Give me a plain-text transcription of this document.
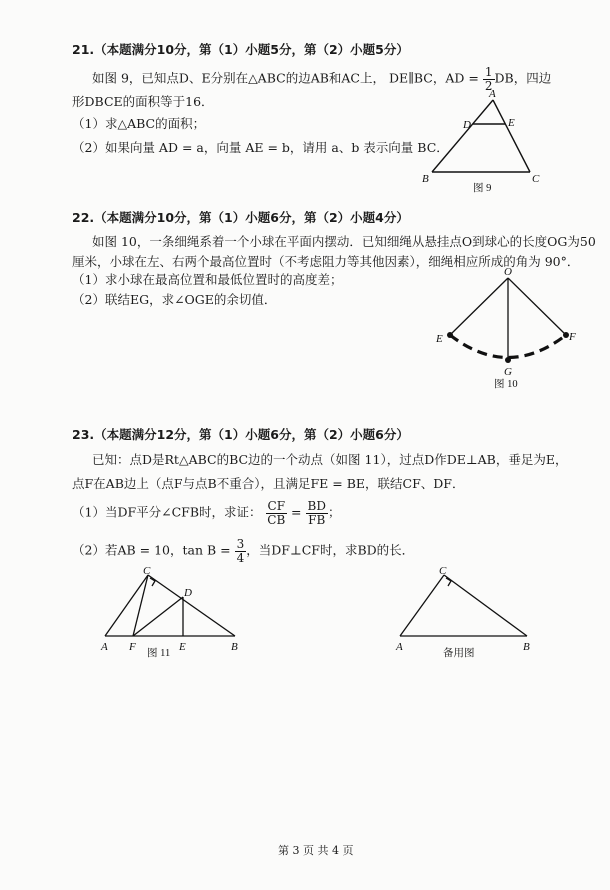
21.（本题满分10分，第（1）小题5分，第（2）小题5分）
如图 9，已知点D、E分别在△ABC的边AB和AC上， DE∥BC，AD = $\frac{1}{2}$ DB，四边
形DBCE的面积等于16．
（1）求△ABC的面积；
（2）如果向量 AD = a，向量 AE = b，请用 a、b 表示向量 BC．
A
D	E
B	C
图 9
22.（本题满分10分，第（1）小题6分，第（2）小题4分）
如图 10，一条细绳系着一个小球在平面内摆动．已知细绳从悬挂点O到球心的长度OG为50
厘米，小球在左、右两个最高位置时（不考虑阻力等其他因素），细绳相应所成的角为 90°．
（1）求小球在最高位置和最低位置时的高度差；
（2）联结EG，求∠OGE的余切值．
O
E	F
G
图 10
23.（本题满分12分，第（1）小题6分，第（2）小题6分）
已知：点D是Rt△ABC的BC边的一个动点（如图 11），过点D作DE⊥AB，垂足为E，
点F在AB边上（点F与点B不重合），且满足FE = BE，联结CF、DF．
（1）当DF平分∠CFB时，求证： $\frac{CF}{CB} = \frac{BD}{FB}$ ；
（2）若AB = 10，$\tan B = \frac{3}{4}$ ，当DF⊥CF时，求BD的长．
C
D
A F	E	B
图 11
C
A	B
备用图
第 3 页 共 4 页
